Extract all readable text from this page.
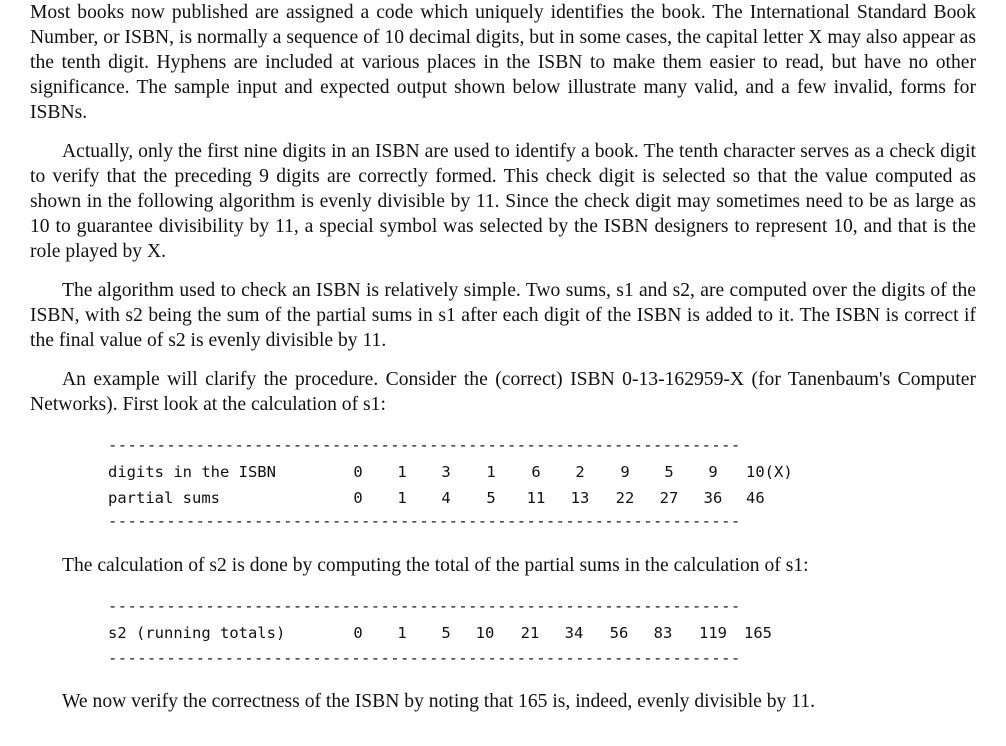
Most books now published are assigned a code which uniquely identifies the book. The International Standard Book Number, or ISBN, is normally a sequence of 10 decimal digits, but in some cases, the capital letter X may also appear as the tenth digit. Hyphens are included at various places in the ISBN to make them easier to read, but have no other significance. The sample input and expected output shown below illustrate many valid, and a few invalid, forms for ISBNs.

Actually, only the first nine digits in an ISBN are used to identify a book. The tenth character serves as a check digit to verify that the preceding 9 digits are correctly formed. This check digit is selected so that the value computed as shown in the following algorithm is evenly divisible by 11. Since the check digit may sometimes need to be as large as 10 to guarantee divisibility by 11, a special symbol was selected by the ISBN designers to represent 10, and that is the role played by X.

The algorithm used to check an ISBN is relatively simple. Two sums, s1 and s2, are computed over the digits of the ISBN, with s2 being the sum of the partial sums in s1 after each digit of the ISBN is added to it. The ISBN is correct if the final value of s2 is evenly divisible by 11.

An example will clarify the procedure. Consider the (correct) ISBN 0-13-162959-X (for Tanenbaum's Computer Networks). First look at the calculation of s1:

-----------------------------------------------------------------
digits in the ISBN	0	1	3	1	6	2	9	5	9	10(X)
partial sums	0	1	4	5	11	13	22	27	36	46
-----------------------------------------------------------------

The calculation of s2 is done by computing the total of the partial sums in the calculation of s1:

-----------------------------------------------------------------
s2 (running totals)	0	1	5	10	21	34	56	83	119	165
-----------------------------------------------------------------

We now verify the correctness of the ISBN by noting that 165 is, indeed, evenly divisible by 11.
